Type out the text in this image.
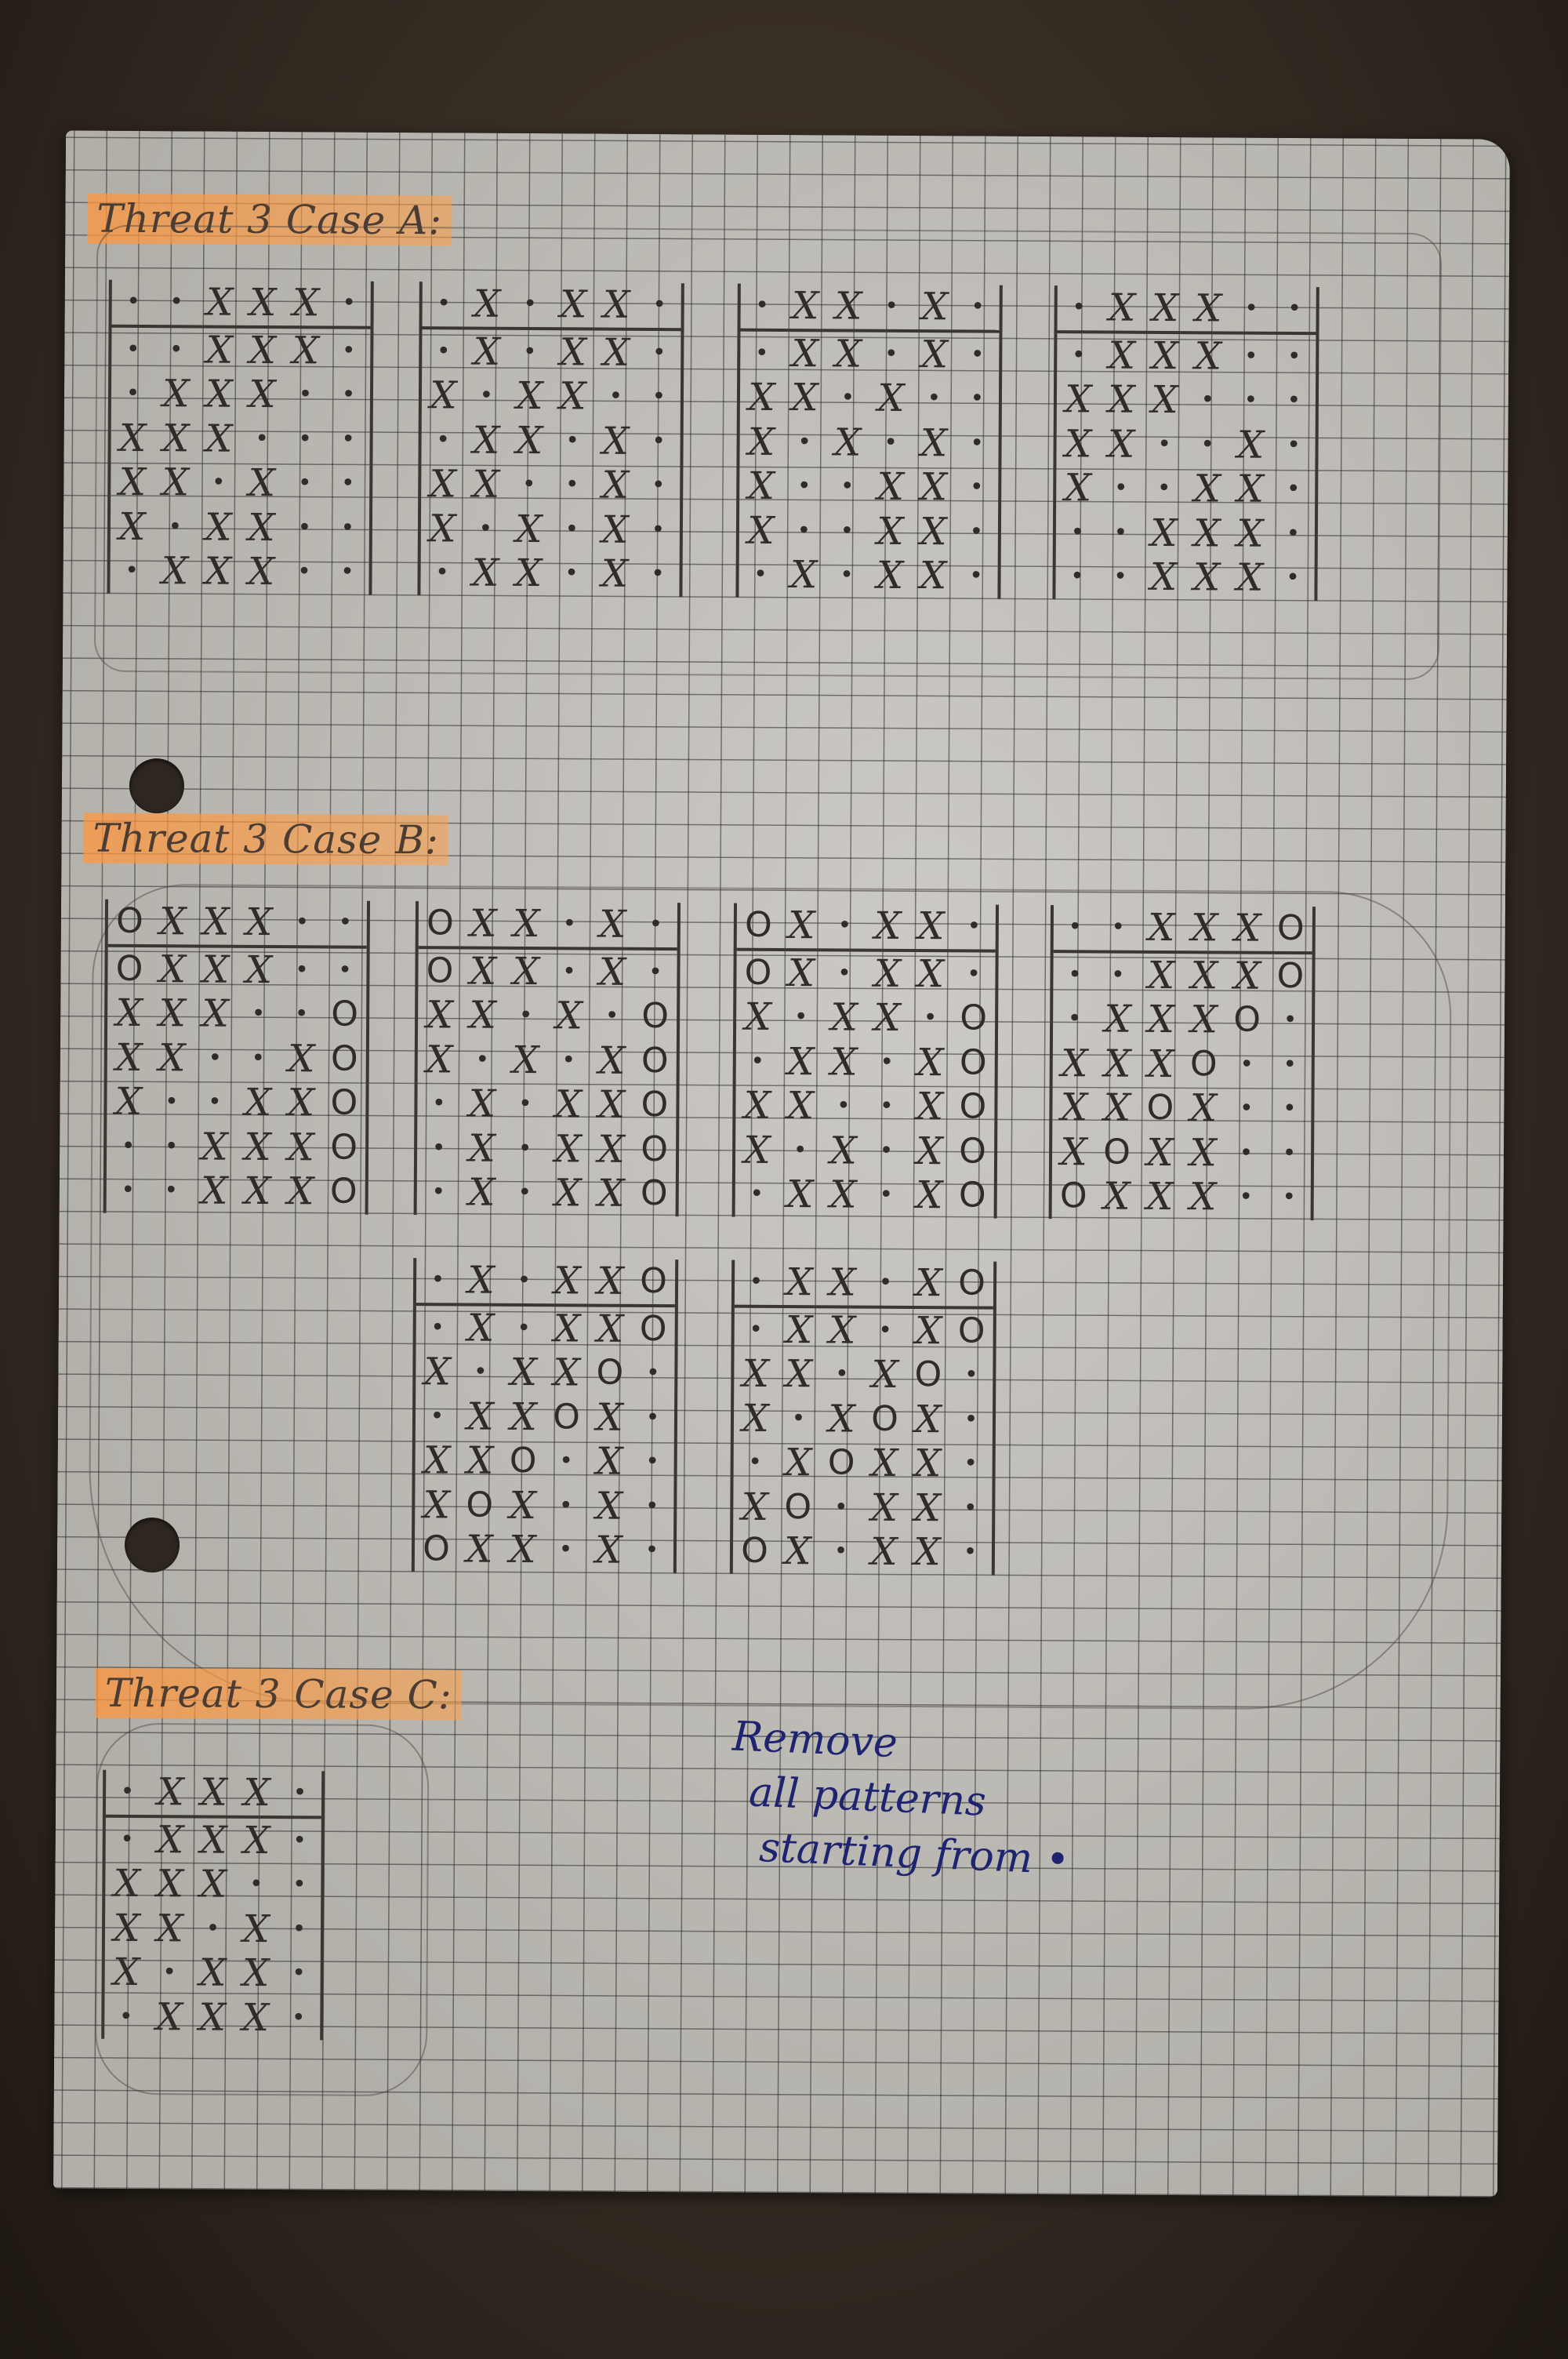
Threat 3 Case A:
•	• X X X •
•	• X X X •
• X X X •	•
X X X •	•	•
X X • X •	•
X • X X •	•
• X X X •	•
• X • X X •
• X • X X •
X • X X •	•
• X X • X •
X X •	• X •
X • X • X •
• X X • X •
• X X • X •
• X X • X •
X X • X •	•
X • X • X •
X •	• X X •
X •	• X X •
• X • X X •
• X X X •	•
• X X X •	•
X X X •	•	•
X X •	• X •
X •	• X X •
•	• X X X •
•	• X X X •
Threat 3 Case B:
O X X X •	•
O X X X •	•
X X X •	• O
X X •	• X O
X •	• X X O
•	• X X X O
•	• X X X O
O X X • X •
O X X • X •
X X • X • O
X • X • X O
• X • X X O
• X • X X O
• X • X X O
O X • X X •
O X • X X •
X • X X • O
• X X • X O
X X •	• X O
X • X • X O
• X X • X O
•	• X X X O
•	• X X X O
• X X X O •
X X X O •	•
X X O X •	•
X O X X •	•
O X X X •	•
• X • X X O
• X • X X O
X • X X O •
• X X O X •
X X O • X •
X O X • X •
O X X • X •
• X X • X O
• X X • X O
X X • X O •
X • X O X •
• X O X X •
X O • X X •
O X • X X •
Threat 3 Case C:
• X X X •
• X X X •
X X X •	•
X X • X •
X • X X •
• X X X •
Remove
all patterns
starting from •
